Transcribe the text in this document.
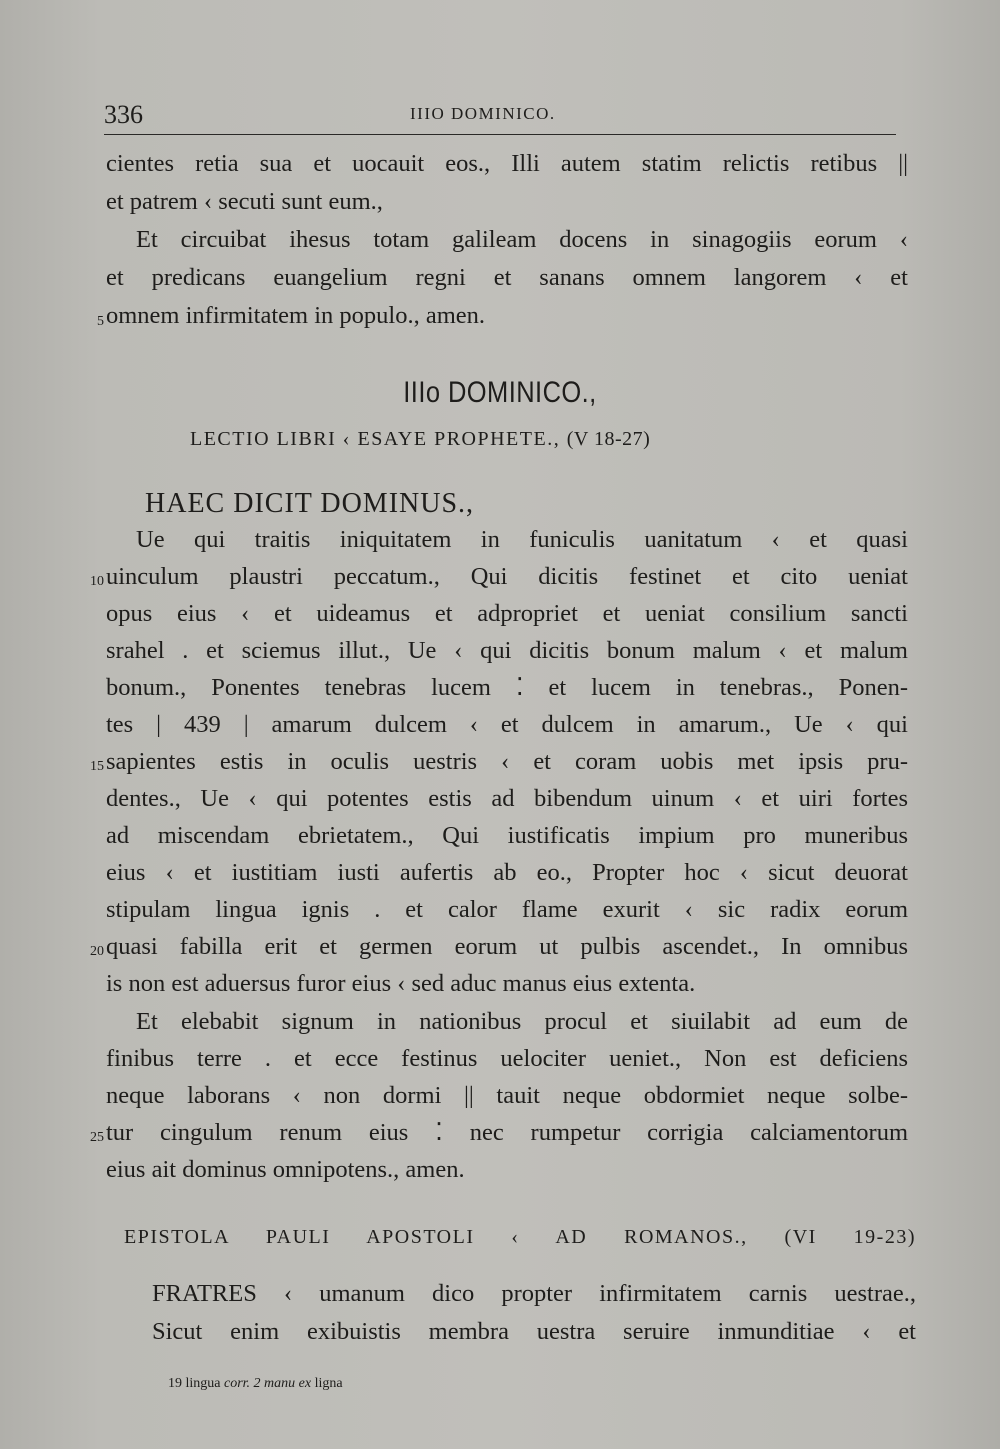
336	IIIO DOMINICO.
cientes retia sua et uocauit eos., Illi autem statim relictis retibus ||
et patrem ‹ secuti sunt eum.,
Et circuibat ihesus totam galileam docens in sinagogiis eorum ‹
et predicans euangelium regni et sanans omnem langorem ‹ et
omnem infirmitatem in populo., amen.
5
IIIo DOMINICO.,
LECTIO LIBRI ‹ ESAYE PROPHETE., (V 18-27)
HAEC DICIT DOMINUS.,
Ue qui traitis iniquitatem in funiculis uanitatum ‹ et quasi
uinculum plaustri peccatum., Qui dicitis festinet et cito ueniat
10
opus eius ‹ et uideamus et adpropriet et ueniat consilium sancti
srahel . et sciemus illut., Ue ‹ qui dicitis bonum malum ‹ et malum
bonum., Ponentes tenebras lucem ⁚ et lucem in tenebras., Ponen-
tes | 439 | amarum dulcem ‹ et dulcem in amarum., Ue ‹ qui
sapientes estis in oculis uestris ‹ et coram uobis met ipsis pru-
15
dentes., Ue ‹ qui potentes estis ad bibendum uinum ‹ et uiri fortes
ad miscendam ebrietatem., Qui iustificatis impium pro muneribus
eius ‹ et iustitiam iusti aufertis ab eo., Propter hoc ‹ sicut deuorat
stipulam lingua ignis . et calor flame exurit ‹ sic radix eorum
quasi fabilla erit et germen eorum ut pulbis ascendet., In omnibus
20
is non est aduersus furor eius ‹ sed aduc manus eius extenta.
Et elebabit signum in nationibus procul et siuilabit ad eum de
finibus terre . et ecce festinus uelociter ueniet., Non est deficiens
neque laborans ‹ non dormi || tauit neque obdormiet neque solbe-
tur cingulum renum eius ⁚ nec rumpetur corrigia calciamentorum
25
eius ait dominus omnipotens., amen.
EPISTOLA PAULI APOSTOLI ‹ AD ROMANOS., (VI 19-23)
FRATRES ‹ umanum dico propter infirmitatem carnis uestrae.,
Sicut enim exibuistis membra uestra seruire inmunditiae ‹ et
19 lingua corr. 2 manu ex ligna
